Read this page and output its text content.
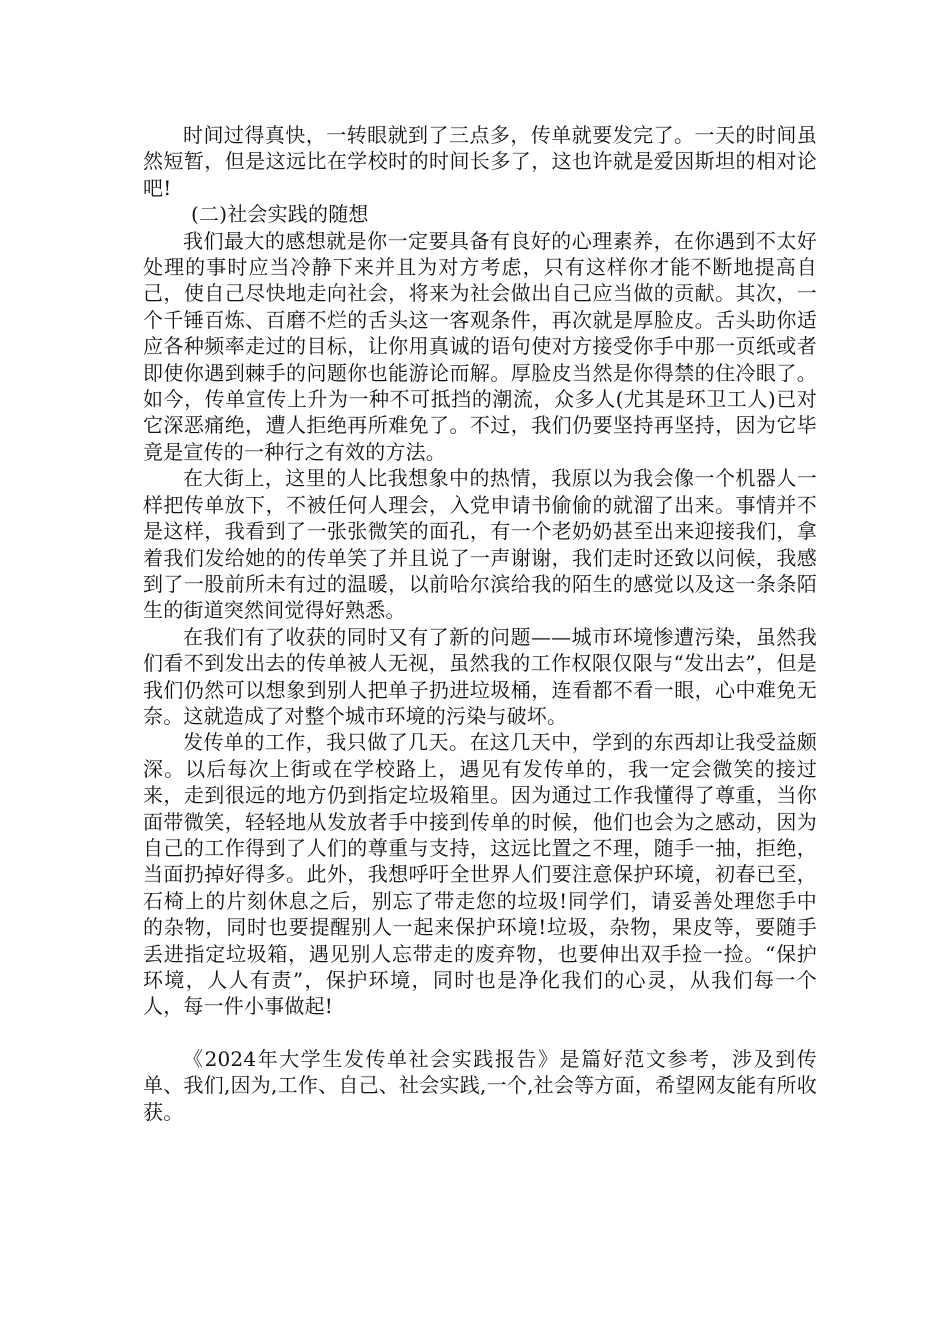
时间过得真快，一转眼就到了三点多，传单就要发完了。一天的时间虽然短暂，但是这远比在学校时的时间长多了，这也许就是爱因斯坦的相对论吧!

(二)社会实践的随想

我们最大的感想就是你一定要具备有良好的心理素养，在你遇到不太好处理的事时应当冷静下来并且为对方考虑，只有这样你才能不断地提高自己，使自己尽快地走向社会，将来为社会做出自己应当做的贡献。其次，一个千锤百炼、百磨不烂的舌头这一客观条件，再次就是厚脸皮。舌头助你适应各种频率走过的目标，让你用真诚的语句使对方接受你手中那一页纸或者即使你遇到棘手的问题你也能游论而解。厚脸皮当然是你得禁的住冷眼了。如今，传单宣传上升为一种不可抵挡的潮流，众多人(尤其是环卫工人)已对它深恶痛绝，遭人拒绝再所难免了。不过，我们仍要坚持再坚持，因为它毕竟是宣传的一种行之有效的方法。

在大街上，这里的人比我想象中的热情，我原以为我会像一个机器人一样把传单放下，不被任何人理会，入党申请书偷偷的就溜了出来。事情并不是这样，我看到了一张张微笑的面孔，有一个老奶奶甚至出来迎接我们，拿着我们发给她的的传单笑了并且说了一声谢谢，我们走时还致以问候，我感到了一股前所未有过的温暖，以前哈尔滨给我的陌生的感觉以及这一条条陌生的街道突然间觉得好熟悉。

在我们有了收获的同时又有了新的问题——城市环境惨遭污染，虽然我们看不到发出去的传单被人无视，虽然我的工作权限仅限与“发出去”，但是我们仍然可以想象到别人把单子扔进垃圾桶，连看都不看一眼，心中难免无奈。这就造成了对整个城市环境的污染与破坏。

发传单的工作，我只做了几天。在这几天中，学到的东西却让我受益颇深。以后每次上街或在学校路上，遇见有发传单的，我一定会微笑的接过来，走到很远的地方仍到指定垃圾箱里。因为通过工作我懂得了尊重，当你面带微笑，轻轻地从发放者手中接到传单的时候，他们也会为之感动，因为自己的工作得到了人们的尊重与支持，这远比置之不理，随手一抽，拒绝，当面扔掉好得多。此外，我想呼吁全世界人们要注意保护环境，初春已至，石椅上的片刻休息之后，别忘了带走您的垃圾!同学们，请妥善处理您手中的杂物，同时也要提醒别人一起来保护环境!垃圾，杂物，果皮等，要随手丢进指定垃圾箱，遇见别人忘带走的废弃物，也要伸出双手捡一捡。“保护环境，人人有责”，保护环境，同时也是净化我们的心灵，从我们每一个人，每一件小事做起!

《2024年大学生发传单社会实践报告》是篇好范文参考，涉及到传单、我们,因为,工作、自己、社会实践,一个,社会等方面，希望网友能有所收获。
